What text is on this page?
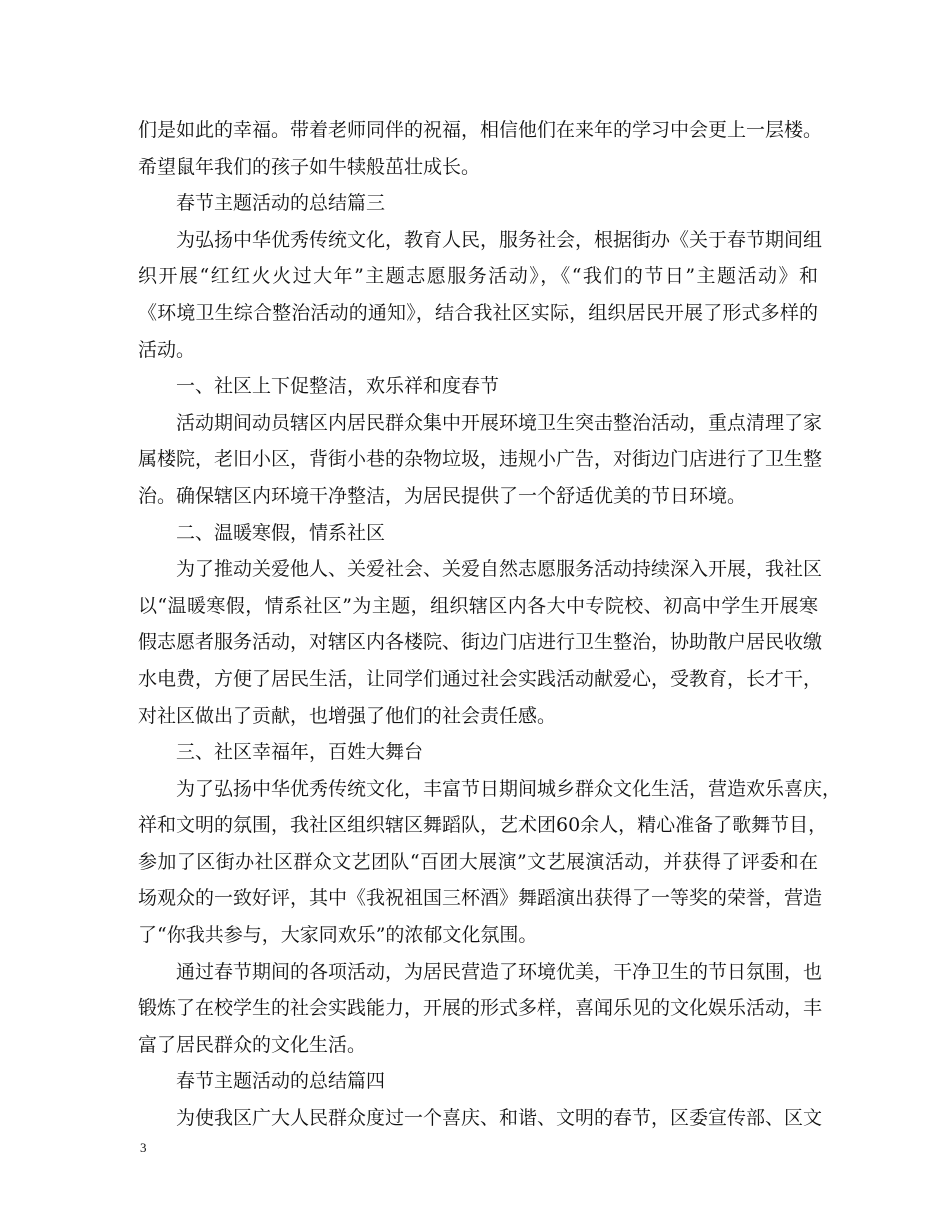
们是如此的幸福。带着老师同伴的祝福，相信他们在来年的学习中会更上一层楼。
希望鼠年我们的孩子如牛犊般茁壮成长。
春节主题活动的总结篇三
为弘扬中华优秀传统文化，教育人民，服务社会，根据街办《关于春节期间组
织开展“红红火火过大年”主题志愿服务活动》，《“我们的节日”主题活动》和
《环境卫生综合整治活动的通知》，结合我社区实际，组织居民开展了形式多样的
活动。
一、社区上下促整洁，欢乐祥和度春节
活动期间动员辖区内居民群众集中开展环境卫生突击整治活动，重点清理了家
属楼院，老旧小区，背街小巷的杂物垃圾，违规小广告，对街边门店进行了卫生整
治。确保辖区内环境干净整洁，为居民提供了一个舒适优美的节日环境。
二、温暖寒假，情系社区
为了推动关爱他人、关爱社会、关爱自然志愿服务活动持续深入开展，我社区
以“温暖寒假，情系社区”为主题，组织辖区内各大中专院校、初高中学生开展寒
假志愿者服务活动，对辖区内各楼院、街边门店进行卫生整治，协助散户居民收缴
水电费，方便了居民生活，让同学们通过社会实践活动献爱心，受教育，长才干，
对社区做出了贡献，也增强了他们的社会责任感。
三、社区幸福年，百姓大舞台
为了弘扬中华优秀传统文化，丰富节日期间城乡群众文化生活，营造欢乐喜庆，
祥和文明的氛围，我社区组织辖区舞蹈队，艺术团60余人，精心准备了歌舞节目，
参加了区街办社区群众文艺团队“百团大展演”文艺展演活动，并获得了评委和在
场观众的一致好评，其中《我祝祖国三杯酒》舞蹈演出获得了一等奖的荣誉，营造
了“你我共参与，大家同欢乐”的浓郁文化氛围。
通过春节期间的各项活动，为居民营造了环境优美，干净卫生的节日氛围，也
锻炼了在校学生的社会实践能力，开展的形式多样，喜闻乐见的文化娱乐活动，丰
富了居民群众的文化生活。
春节主题活动的总结篇四
为使我区广大人民群众度过一个喜庆、和谐、文明的春节，区委宣传部、区文
3
